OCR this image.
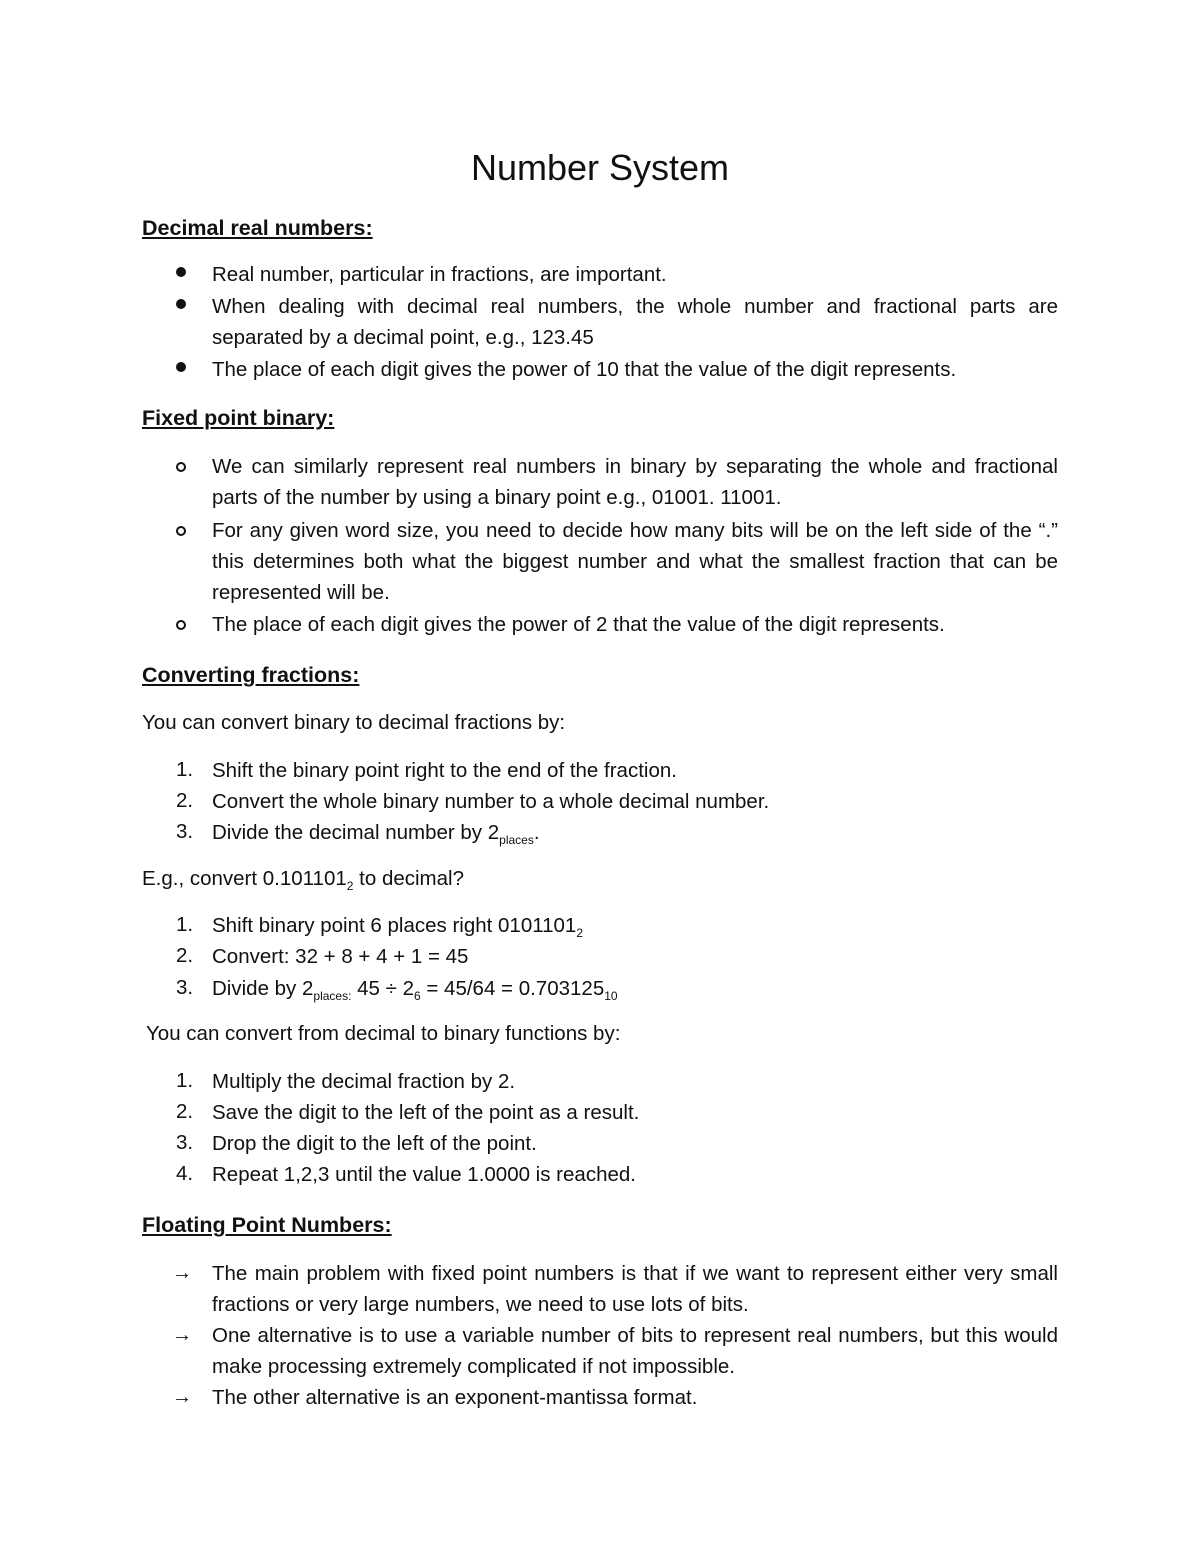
Number System
Decimal real numbers:
Real number, particular in fractions, are important.
When dealing with decimal real numbers, the whole number and fractional parts are separated by a decimal point, e.g., 123.45
The place of each digit gives the power of 10 that the value of the digit represents.
Fixed point binary:
We can similarly represent real numbers in binary by separating the whole and fractional parts of the number by using a binary point e.g., 01001. 11001.
For any given word size, you need to decide how many bits will be on the left side of the “.” this determines both what the biggest number and what the smallest fraction that can be represented will be.
The place of each digit gives the power of 2 that the value of the digit represents.
Converting fractions:
You can convert binary to decimal fractions by:
1. Shift the binary point right to the end of the fraction.
2. Convert the whole binary number to a whole decimal number.
3. Divide the decimal number by $2_{places}$.
E.g., convert $0.101101_2$ to decimal?
1. Shift binary point 6 places right $0101101_2$
2. Convert: 32 + 8 + 4 + 1 = 45
3. Divide by $2_{places:}$ $45 \div 2_6 = 45/64 = 0.703125_{10}$
You can convert from decimal to binary functions by:
1. Multiply the decimal fraction by 2.
2. Save the digit to the left of the point as a result.
3. Drop the digit to the left of the point.
4. Repeat 1,2,3 until the value 1.0000 is reached.
Floating Point Numbers:
→ The main problem with fixed point numbers is that if we want to represent either very small fractions or very large numbers, we need to use lots of bits.
→ One alternative is to use a variable number of bits to represent real numbers, but this would make processing extremely complicated if not impossible.
→ The other alternative is an exponent-mantissa format.
